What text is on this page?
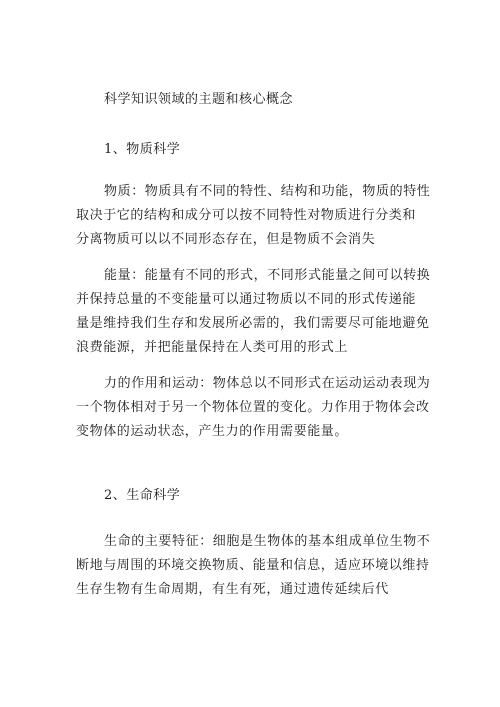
科学知识领域的主题和核心概念
1、物质科学
物质：物质具有不同的特性、结构和功能，物质的特性
取决于它的结构和成分可以按不同特性对物质进行分类和
分离物质可以以不同形态存在，但是物质不会消失
能量：能量有不同的形式，不同形式能量之间可以转换
并保持总量的不变能量可以通过物质以不同的形式传递能
量是维持我们生存和发展所必需的，我们需要尽可能地避免
浪费能源，并把能量保持在人类可用的形式上
力的作用和运动：物体总以不同形式在运动运动表现为
一个物体相对于另一个物体位置的变化。力作用于物体会改
变物体的运动状态，产生力的作用需要能量。
2、生命科学
生命的主要特征：细胞是生物体的基本组成单位生物不
断地与周围的环境交换物质、能量和信息，适应环境以维持
生存生物有生命周期，有生有死，通过遗传延续后代
